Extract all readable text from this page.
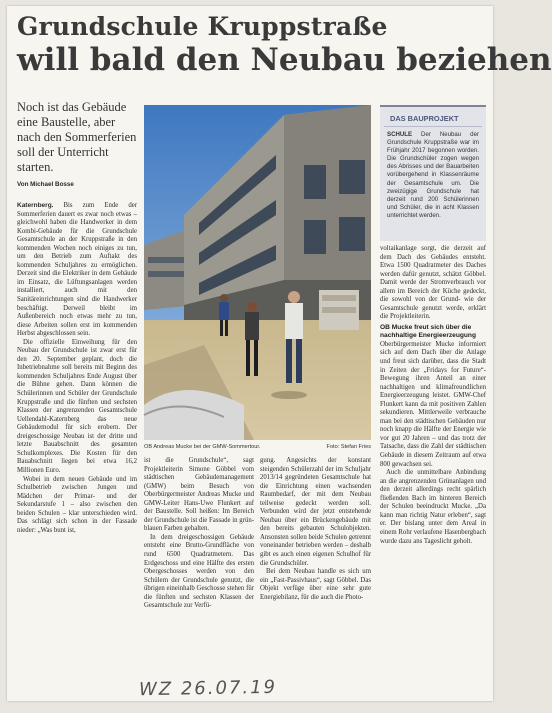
Grundschule Kruppstraße
will bald den Neubau beziehen
Noch ist das Gebäude eine Baustelle, aber nach den Sommerferien soll der Unterricht starten.
Von Michael Bosse

Katernberg. Bis zum Ende der Sommerferien dauert es zwar noch etwas – gleichwohl haben die Handwerker in dem Kombi-Gebäude für die Grundschule Gesamtschule an der Kruppstraße in den kommenden Wochen noch einiges zu tun, um den Betrieb zum Auftakt des kommenden Schuljahres zu ermöglichen. Derzeit sind die Elektriker in dem Gebäude im Einsatz, die Lüftungsanlagen werden installiert, auch mit den Sanitäreinrichtungen sind die Handwerker beschäftigt. Derweil bleibt im Außenbereich noch etwas mehr zu tun, diese Arbeiten sollen erst im kommenden Herbst abgeschlossen sein.

Die offizielle Einweihung für den Neubau der Grundschule ist zwar erst für den 20. September geplant, doch die Inbetriebnahme soll bereits mit Beginn des kommenden Schuljahres Ende August über die Bühne gehen. Dann können die Schülerinnen und Schüler der Grundschule Kruppstraße und die fünften und sechsten Klassen der angrenzenden Gesamtschule Uellendahl-Katernberg das neue Gebäudemodul für sich erobern. Der dreigeschossige Neubau ist der dritte und letzte Bauabschnitt des gesamten Schulkomplexes. Die Kosten für den Bauabschnitt liegen bei etwa 16,2 Millionen Euro.

Wobei in dem neuen Gebäude und im Schulbetrieb zwischen Jungen und Mädchen der Primar- und der Sekundarstufe 1 – also zwischen den beiden Schulen – klar unterschieden wird. Das schlägt sich schon in der Fassade nieder: „Was bunt ist,

OB Andreas Mucke bei der GMW-Sommertour.	Foto: Stefan Fries
DAS BAUPROJEKT
SCHULE Der Neubau der Grundschule Kruppstraße war im Frühjahr 2017 begonnen worden. Die Grundschüler zogen wegen des Abrisses und der Bauarbeiten vorübergehend in Klassenräume der Gesamtschule um. Die zweizügige Grundschule hat derzeit rund 200 Schülerinnen und Schüler, die in acht Klassen unterrichtet werden.

ist die Grundschule“, sagt Projektleiterin Simone Göbbel vom städtischen Gebäudemanagement (GMW) beim Besuch von Oberbürgermeister Andreas Mucke und GMW-Leiter Hans-Uwe Flunkert auf der Baustelle. Soll heißen: Im Bereich der Grundschule ist die Fassade in grün-blauen Farben gehalten.

In dem dreigeschossigen Gebäude entsteht eine Brutto-Grundfläche von rund 6500 Quadratmetern. Das Erdgeschoss und eine Hälfte des ersten Obergeschosses werden von den Schülern der Grundschule genutzt, die übrigen eineinhalb Geschosse stehen für die fünften und sechsten Klassen der Gesamtschule zur Verfü-

gung. Angesichts der konstant steigenden Schülerzahl der im Schuljahr 2013/14 gegründeten Gesamtschule hat die Einrichtung einen wachsenden Raumbedarf, der mit dem Neubau teilweise gedeckt werden soll. Verbunden wird der jetzt entstehende Neubau über ein Brückengebäude mit den bereits gebauten Schulobjekten. Ansonsten sollen beide Schulen getrennt voneinander betrieben werden – deshalb gibt es auch einen eigenen Schulhof für die Grundschüler.

Bei dem Neubau handle es sich um ein „Fast-Passivhaus“, sagt Göbbel. Das Objekt verfüge über eine sehr gute Energiebilanz, für die auch die Photo-

voltaikanlage sorgt, die derzeit auf dem Dach des Gebäudes entsteht. Etwa 1500 Quadratmeter des Daches werden dafür genutzt, schätzt Göbbel. Damit werde der Stromverbrauch vor allem im Bereich der Küche gedeckt, die sowohl von der Grund- wie der Gesamtschule genutzt werde, erklärt die Projektleiterin.

OB Mucke freut sich über die nachhaltige Energieerzeugung

Oberbürgermeister Mucke informiert sich auf dem Dach über die Anlage und freut sich darüber, dass die Stadt in Zeiten der „Fridays for Future“-Bewegung ihren Anteil an einer nachhaltigen und klimafreundlichen Energieerzeugung leistet. GMW-Chef Flunkert kann da mit positiven Zahlen sekundieren. Mittlerweile verbrauche man bei den städtischen Gebäuden nur noch knapp die Hälfte der Energie wie vor gut 20 Jahren – und das trotz der Tatsache, dass die Zahl der städtischen Gebäude in diesem Zeitraum auf etwa 800 gewachsen sei.

Auch die unmittelbare Anbindung an die angrenzenden Grünanlagen und den derzeit allerdings recht spärlich fließenden Bach im hinteren Bereich der Schulen beeindruckt Mucke. „Da kann man richtig Natur erleben“, sagt er. Der bislang unter dem Areal in einem Rohr verlaufene Hasenbergbach wurde dazu ans Tageslicht geholt.

WZ 26.07.19
